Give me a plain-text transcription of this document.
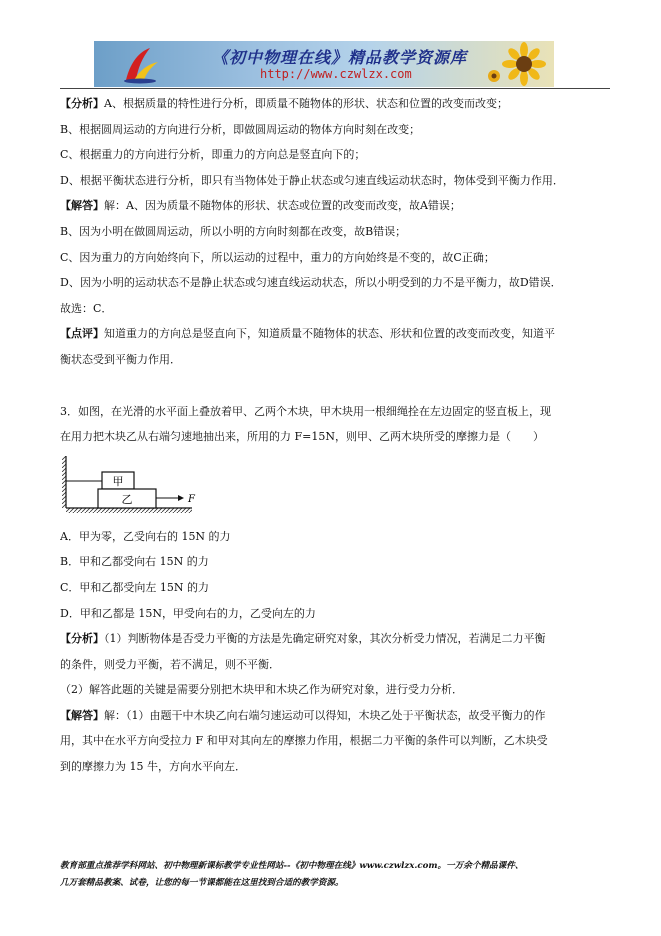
《初中物理在线》精品教学资源库
http://www.czwlzx.com
【分析】A、根据质量的特性进行分析，即质量不随物体的形状、状态和位置的改变而改变；
B、根据圆周运动的方向进行分析，即做圆周运动的物体方向时刻在改变；
C、根据重力的方向进行分析，即重力的方向总是竖直向下的；
D、根据平衡状态进行分析，即只有当物体处于静止状态或匀速直线运动状态时，物体受到平衡力作用．
【解答】解：A、因为质量不随物体的形状、状态或位置的改变而改变，故A错误；
B、因为小明在做圆周运动，所以小明的方向时刻都在改变，故B错误；
C、因为重力的方向始终向下，所以运动的过程中，重力的方向始终是不变的，故C正确；
D、因为小明的运动状态不是静止状态或匀速直线运动状态，所以小明受到的力不是平衡力，故D错误．
故选：C．
【点评】知道重力的方向总是竖直向下，知道质量不随物体的状态、形状和位置的改变而改变，知道平
衡状态受到平衡力作用．
3．如图，在光滑的水平面上叠放着甲、乙两个木块，甲木块用一根细绳拴在左边固定的竖直板上，现
在用力把木块乙从右端匀速地抽出来，所用的力 F=15N，则甲、乙两木块所受的摩擦力是（　　）
甲
乙	F
A．甲为零，乙受向右的 15N 的力
B．甲和乙都受向右 15N 的力
C．甲和乙都受向左 15N 的力
D．甲和乙都是 15N，甲受向右的力，乙受向左的力
【分析】（1）判断物体是否受力平衡的方法是先确定研究对象，其次分析受力情况，若满足二力平衡
的条件，则受力平衡，若不满足，则不平衡．
（2）解答此题的关键是需要分别把木块甲和木块乙作为研究对象，进行受力分析．
【解答】解：（1）由题干中木块乙向右端匀速运动可以得知，木块乙处于平衡状态，故受平衡力的作
用，其中在水平方向受拉力 F 和甲对其向左的摩擦力作用，根据二力平衡的条件可以判断，乙木块受
到的摩擦力为 15 牛，方向水平向左．
教育部重点推荐学科网站、初中物理新课标教学专业性网站--《初中物理在线》www.czwlzx.com。一万余个精品课件、
几万套精品教案、试卷，让您的每一节课都能在这里找到合适的教学资源。
